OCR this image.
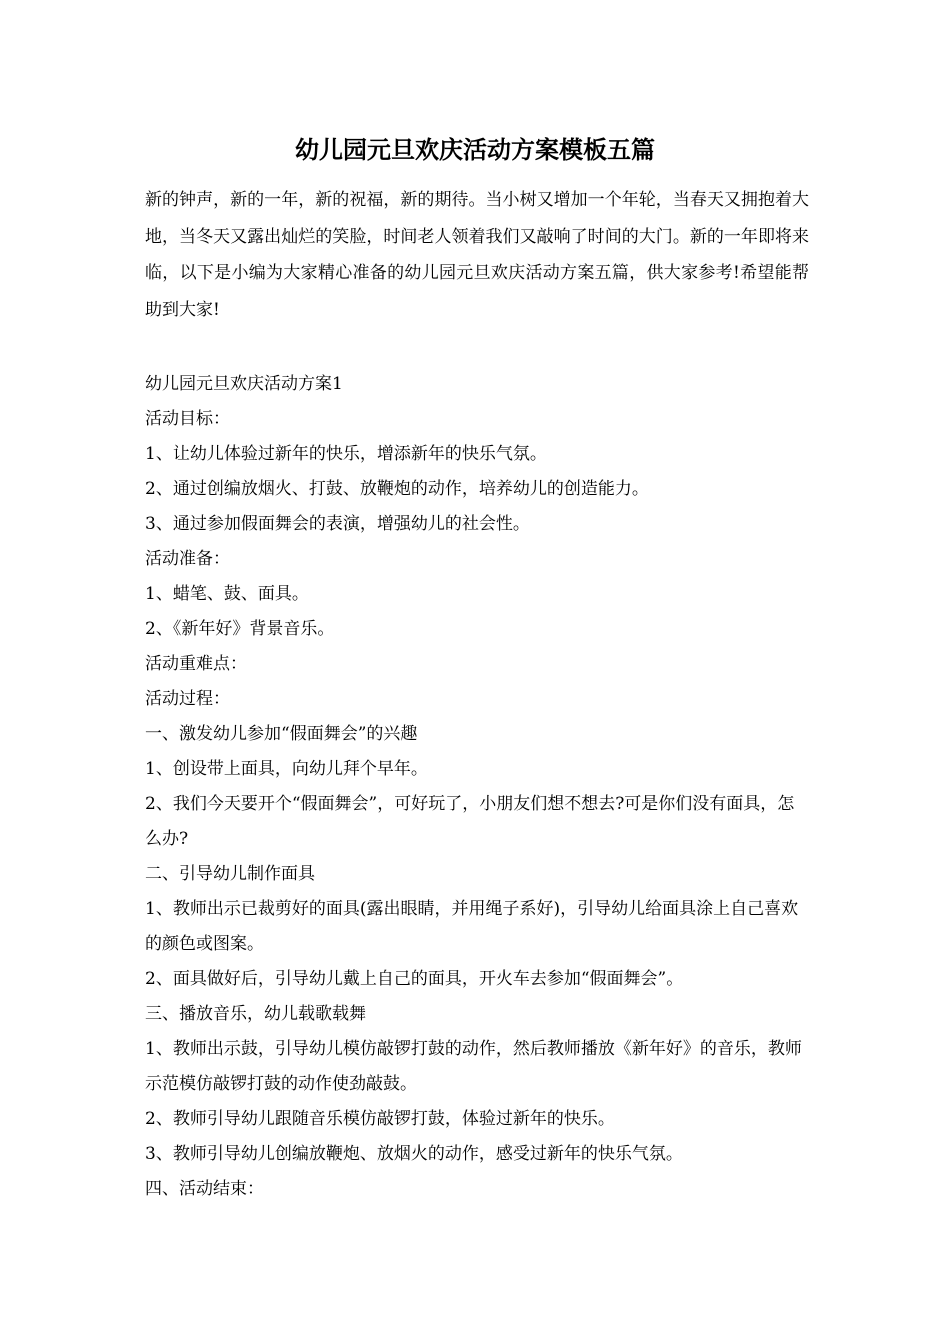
幼儿园元旦欢庆活动方案模板五篇

新的钟声，新的一年，新的祝福，新的期待。当小树又增加一个年轮，当春天又拥抱着大地，当冬天又露出灿烂的笑脸，时间老人领着我们又敲响了时间的大门。新的一年即将来临，以下是小编为大家精心准备的幼儿园元旦欢庆活动方案五篇，供大家参考!希望能帮助到大家!

幼儿园元旦欢庆活动方案1

活动目标：

1、让幼儿体验过新年的快乐，增添新年的快乐气氛。

2、通过创编放烟火、打鼓、放鞭炮的动作，培养幼儿的创造能力。

3、通过参加假面舞会的表演，增强幼儿的社会性。

活动准备：

1、蜡笔、鼓、面具。

2、《新年好》背景音乐。

活动重难点：

活动过程：

一、激发幼儿参加“假面舞会”的兴趣

1、创设带上面具，向幼儿拜个早年。

2、我们今天要开个“假面舞会”，可好玩了，小朋友们想不想去?可是你们没有面具，怎么办?

二、引导幼儿制作面具

1、教师出示已裁剪好的面具(露出眼睛，并用绳子系好)，引导幼儿给面具涂上自己喜欢的颜色或图案。

2、面具做好后，引导幼儿戴上自己的面具，开火车去参加“假面舞会”。

三、播放音乐，幼儿载歌载舞

1、教师出示鼓，引导幼儿模仿敲锣打鼓的动作，然后教师播放《新年好》的音乐，教师示范模仿敲锣打鼓的动作使劲敲鼓。

2、教师引导幼儿跟随音乐模仿敲锣打鼓，体验过新年的快乐。

3、教师引导幼儿创编放鞭炮、放烟火的动作，感受过新年的快乐气氛。

四、活动结束：
